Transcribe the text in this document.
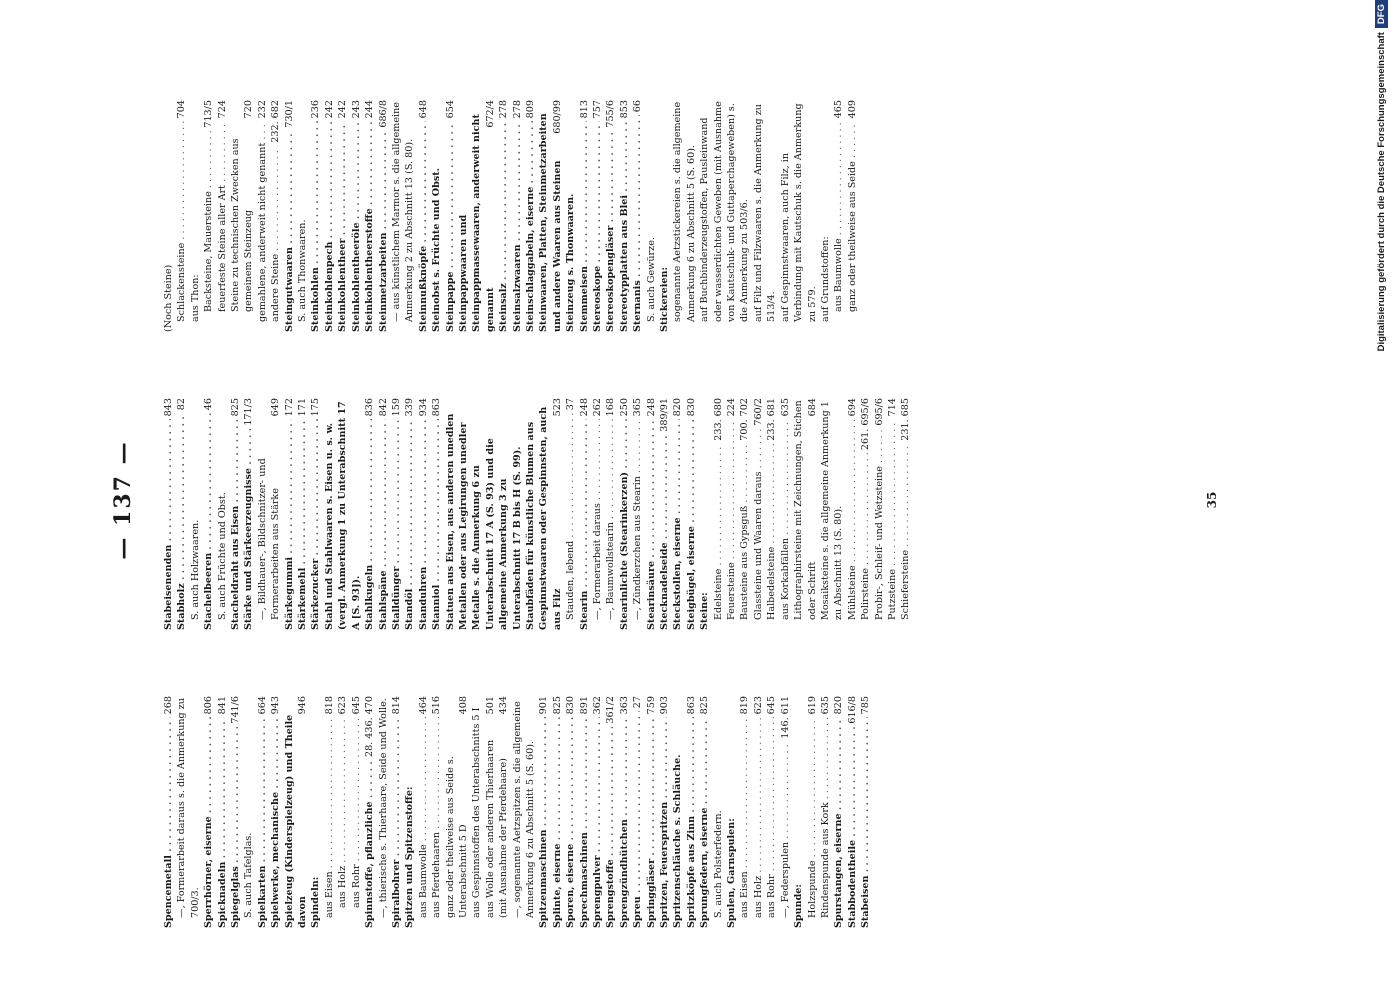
— 137 —
Spencemetall . . .
268 —, Formerarbeit daraus s. die Anmerkung zu 700/3. Sperrhörner, eiserne . . .
806
Spicknadeln . . .
841
Spiegelglas . . .
741/6
S. auch Tafelglas. Spielkarten . . .
664
Spielwerke, mechanische . . .
943
Spielzeug (Kinderspielzeug) und Theile davon
946
Spindeln: aus Eisen . . .
818
aus Holz . . .
623
aus Rohr . . .
645
Spinnstoffe, pflanzliche . . .
28. 436. 470 —, thierische s. Thierhaare, Seide und Wolle. Spiralbohrer . . .
814
Spitzen und Spitzenstoffe: aus Baumwolle . . .
464
aus Pferdehaaren . . .
516
ganz oder theilweise aus Seide s. Unterabschnitt 5 D
408
aus Gespinnstoffen des Unterabschnitts 5 I
501
aus Wolle oder anderen Thierhaaren (mit Ausnahme der Pferdehaare)
434 —, sogenannte Aetzspitzen s. die allgemeine Anmerkung 6 zu Abschnitt 5 (S. 60). Spitzenmaschinen . . .
901
Splinte, eiserne . . .
825
Sporen, eiserne . . .
830
Sprechmaschinen . . .
891
Sprengpulver . . .
362
Sprengstoffe . . .
361/2
Sprengzündhütchen . . .
363
Spreu . . .
27
Springgläser . . .
759
Spritzen, Feuerspritzen . . .
903
Spritzenschläuche s. Schläuche. Spritzköpfe aus Zinn . . .
863
Sprungfedern, eiserne . . .
825
S. auch Polsterfedern. Spulen, Garnspulen: aus Eisen . . .
819
aus Holz . . .
623
aus Rohr . . .
645
—, Federspulen . . .
146. 611
Spunde: Holzspunde . . .
619
Rindenspunde aus Kork . . .
635
Spurstangen, eiserne . . .
820
Stabbodentheile . . .
616/8
Stabeisen . . .
785
Stabeisenenden . . .
843
Stabholz . . .
82
S. auch Holzwaaren. Stachelbeeren . . .
46
S. auch Früchte und Obst. Stacheldraht aus Eisen . . .
825
Stärke und Stärkeerzeugnisse . . .
171/3
—, Bildhauer-, Bildschnitzer- und Formerarbeiten aus Stärke
649
Stärkegummi . . .
172
Stärkemehl . . .
171
Stärkezucker . . .
175
Stahl und Stahlwaaren s. Eisen u. s. w. (vergl. Anmerkung 1 zu Unterabschnitt 17 A [S. 93]). Stahlkugeln . . .
836
Stahlspäne . . .
842
Stalldünger . . .
159
Standöl . . .
339
Standuhren . . .
934
Stanniol . . .
863
Statuen aus Eisen, aus anderen unedlen Metallen oder aus Legirungen unedler Metalle s. die Anmerkung 6 zu Unterabschnitt 17 A (S. 93) und die allgemeine Anmerkung 3 zu Unterabschnitt 17 B bis H (S. 99). Staubfäden für künstliche Blumen aus Gespinnstwaaren oder Gespinnsten, auch aus Filz
523
Stauden, lebend . . .
37
Stearin . . .
248
—, Formerarbeit daraus . . .
262
—, Baumwollstearin . . .
168
Stearinlichte (Stearinkerzen) . . .
250
—, Zündkerzchen aus Stearin . . .
365
Stearinsäure . . .
248
Stecknadelseide . . .
389/91
Steckstollen, eiserne . . .
820
Steigbügel, eiserne . . .
830
Steine: Edelsteine . . .
233. 680
Feuersteine . . .
224
Bausteine aus Gypsguß . . .
700. 702
Glassteine und Waaren daraus . . .
760/2
Halbedelsteine . . .
233. 681
aus Korkabfällen . . .
635 Lithographirsteine mit Zeichnungen, Stichen oder Schrift
684 Mosaiksteine s. die allgemeine Anmerkung 1 zu Abschnitt 13 (S. 80). Mühlsteine . . .
694
Polirsteine . . .
261. 695/6
Probir-, Schleif- und Wetzsteine . . .
695/6
Putzsteine . . .
714
Schiefersteine . . .
231. 685
(Noch Steine) Schlackensteine . . .
704
aus Thon: Backsteine, Mauersteine . . .
713/5
feuerfeste Steine aller Art . . .
724
Steine zu technischen Zwecken aus gemeinem Steinzeug
720
gemahlene, anderweit nicht genannt . . .
232
andere Steine . . .
232. 682
Steingutwaaren . . .
730/1
S. auch Thonwaaren. Steinkohlen . . .
236
Steinkohlenpech . . .
242
Steinkohlentheer . . .
242
Steinkohlentheeröle . . .
243
Steinkohlentheerstoffe . . .
244
Steinmetzarbeiten . . .
686/8 — aus künstlichem Marmor s. die allgemeine Anmerkung 2 zu Abschnitt 13 (S. 80). Steinnußknöpfe . . .
648
Steinobst s. Früchte und Obst. Steinpappe . . .
654
Steinpappwaaren und Steinpappmassewaaren, anderweit nicht genannt
672/4
Steinsalz . . .
278
Steinsalzwaaren . . .
278
Steinschlaggabeln, eiserne . . .
809
Steinwaaren, Platten, Steinmetzarbeiten und andere Waaren aus Steinen
680/99
Steinzeug s. Thonwaaren. Stemmeisen . . .
813
Stereoskope . . .
757
Stereoskopengläser . . .
755/6
Stereotypplatten aus Blei . . .
853
Sternanis . . .
66
S. auch Gewürze. Stickereien: sogenannte Aetzstickereien s. die allgemeine Anmerkung 6 zu Abschnitt 5 (S. 60). auf Buchbinderzeugstoffen, Pausleinwand oder wasserdichten Geweben (mit Ausnahme von Kautschuk- und Guttaperchageweben) s. die Anmerkung zu 503/6. auf Filz und Filzwaaren s. die Anmerkung zu 513/4. auf Gespinnstwaaren, auch Filz, in Verbindung mit Kautschuk s. die Anmerkung zu 579. auf Grundstoffen: aus Baumwolle . . .
465
ganz oder theilweise aus Seide . . .
409
35
Digitalisierung gefördert durch die Deutsche ForschungsgemeinschaftDFG
